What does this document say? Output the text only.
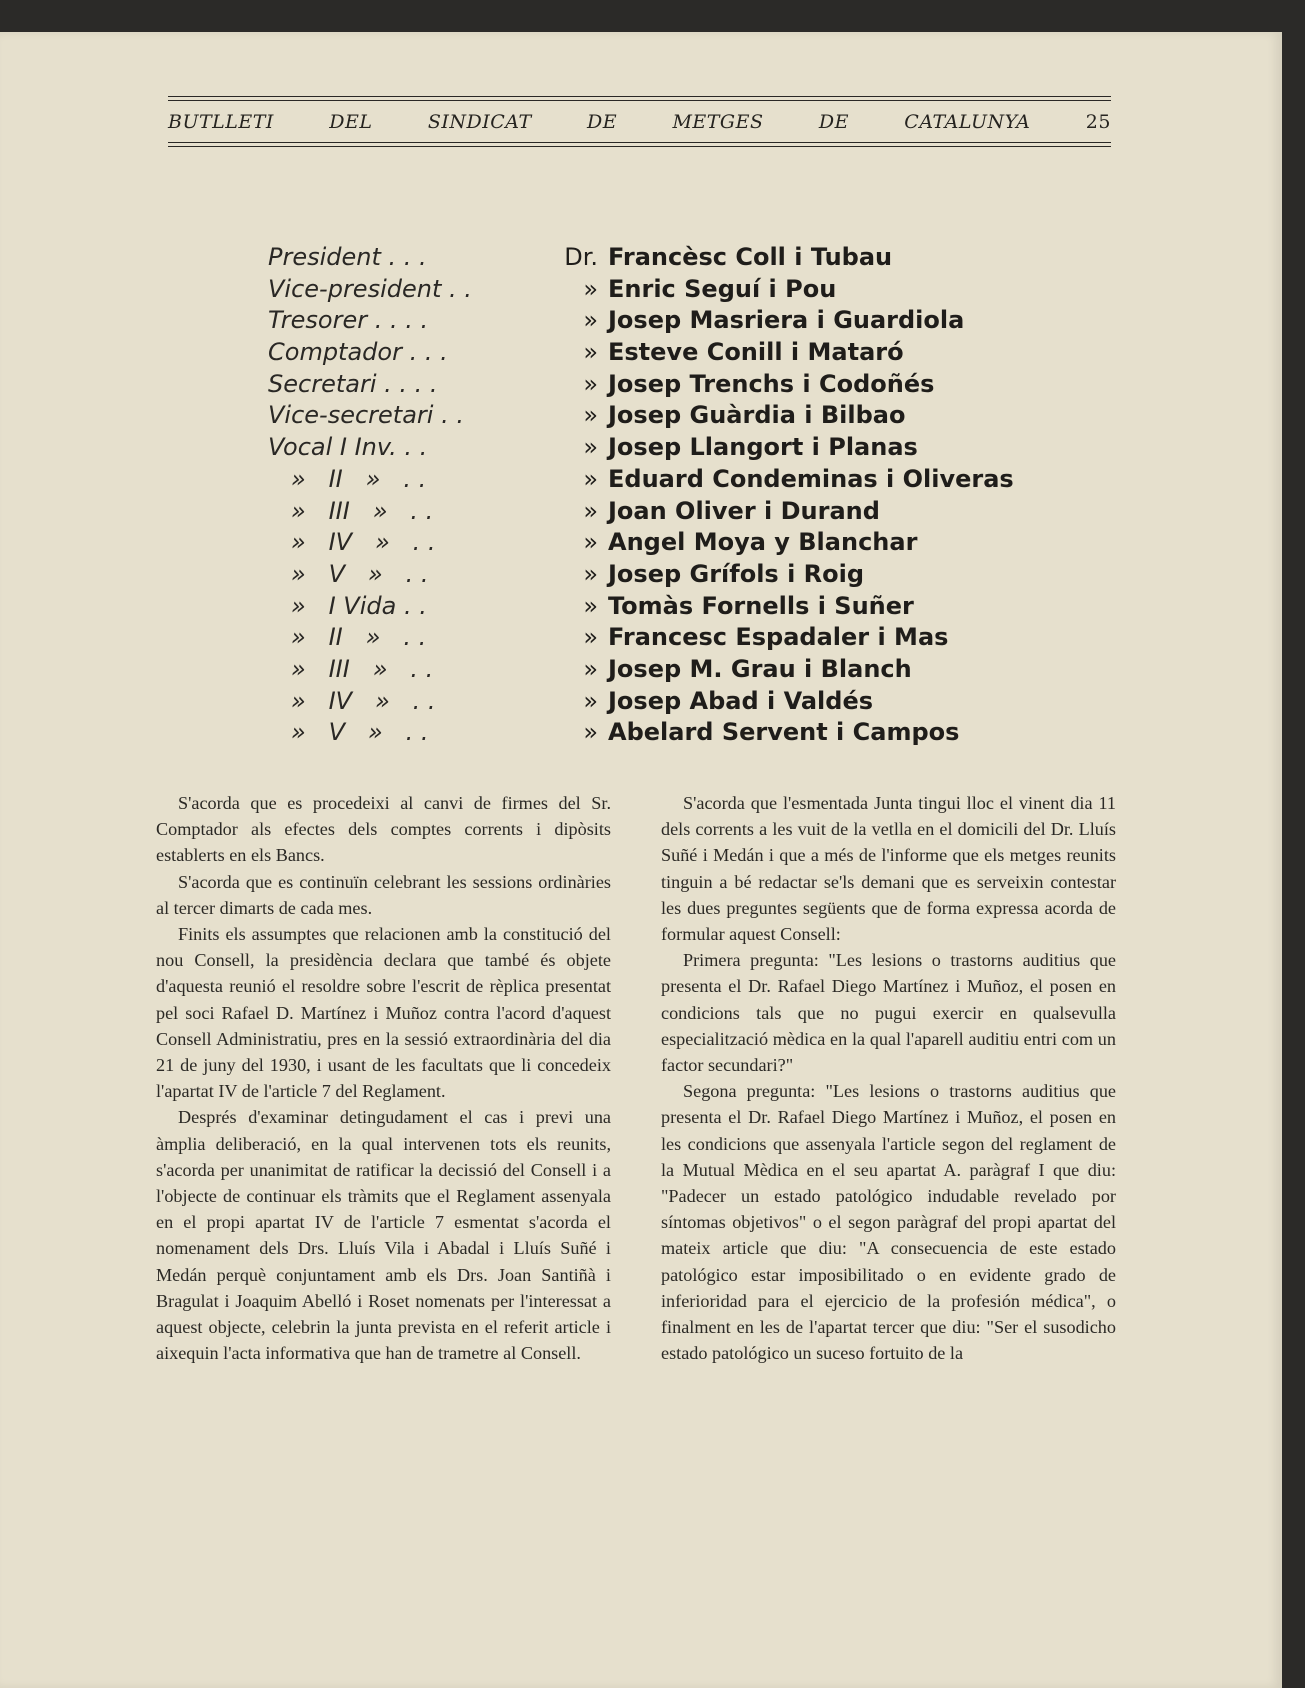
BUTLLETI	DEL	SINDICAT	DE	METGES	DE	CATALUNYA	25
President . . .	Dr. Francèsc Coll i Tubau
Vice-president . .	» Enric Seguí i Pou
Tresorer . . . .	» Josep Masriera i Guardiola
Comptador . . .	» Esteve Conill i Mataró
Secretari . . . .	» Josep Trenchs i Codoñés
Vice-secretari . .	» Josep Guàrdia i Bilbao
Vocal I Inv. . .	» Josep Llangort i Planas
»   II   »   . .	» Eduard Condeminas i Oliveras
»   III   »   . .	» Joan Oliver i Durand
»   IV   »   . .	» Angel Moya y Blanchar
»   V   »   . .	» Josep Grífols i Roig
»   I Vida . .	» Tomàs Fornells i Suñer
»   II   »   . .	» Francesc Espadaler i Mas
»   III   »   . .	» Josep M. Grau i Blanch
»   IV   »   . .	» Josep Abad i Valdés
»   V   »   . .	» Abelard Servent i Campos

S'acorda que es procedeixi al canvi de firmes del Sr. Comptador als efectes dels comptes corrents i dipòsits establerts en els Bancs.

S'acorda que es continuïn celebrant les sessions ordinàries al tercer dimarts de cada mes.

Finits els assumptes que relacionen amb la constitució del nou Consell, la presidència declara que també és objete d'aquesta reunió el resoldre sobre l'escrit de rèplica presentat pel soci Rafael D. Martínez i Muñoz contra l'acord d'aquest Consell Administratiu, pres en la sessió extraordinària del dia 21 de juny del 1930, i usant de les facultats que li concedeix l'apartat IV de l'article 7 del Reglament.

Després d'examinar detingudament el cas i previ una àmplia deliberació, en la qual intervenen tots els reunits, s'acorda per unanimitat de ratificar la decissió del Consell i a l'objecte de continuar els tràmits que el Reglament assenyala en el propi apartat IV de l'article 7 esmentat s'acorda el nomenament dels Drs. Lluís Vila i Abadal i Lluís Suñé i Medán perquè conjuntament amb els Drs. Joan Santiñà i Bragulat i Joaquim Abelló i Roset nomenats per l'interessat a aquest objecte, celebrin la junta prevista en el referit article i aixequin l'acta informativa que han de trametre al Consell.

S'acorda que l'esmentada Junta tingui lloc el vinent dia 11 dels corrents a les vuit de la vetlla en el domicili del Dr. Lluís Suñé i Medán i que a més de l'informe que els metges reunits tinguin a bé redactar se'ls demani que es serveixin contestar les dues preguntes següents que de forma expressa acorda de formular aquest Consell:

Primera pregunta: "Les lesions o trastorns auditius que presenta el Dr. Rafael Diego Martínez i Muñoz, el posen en condicions tals que no pugui exercir en qualsevulla especialització mèdica en la qual l'aparell auditiu entri com un factor secundari?"

Segona pregunta: "Les lesions o trastorns auditius que presenta el Dr. Rafael Diego Martínez i Muñoz, el posen en les condicions que assenyala l'article segon del reglament de la Mutual Mèdica en el seu apartat A. paràgraf I que diu: "Padecer un estado patológico indudable revelado por síntomas objetivos" o el segon paràgraf del propi apartat del mateix article que diu: "A consecuencia de este estado patológico estar imposibilitado o en evidente grado de inferioridad para el ejercicio de la profesión médica", o finalment en les de l'apartat tercer que diu: "Ser el susodicho estado patológico un suceso fortuito de la
